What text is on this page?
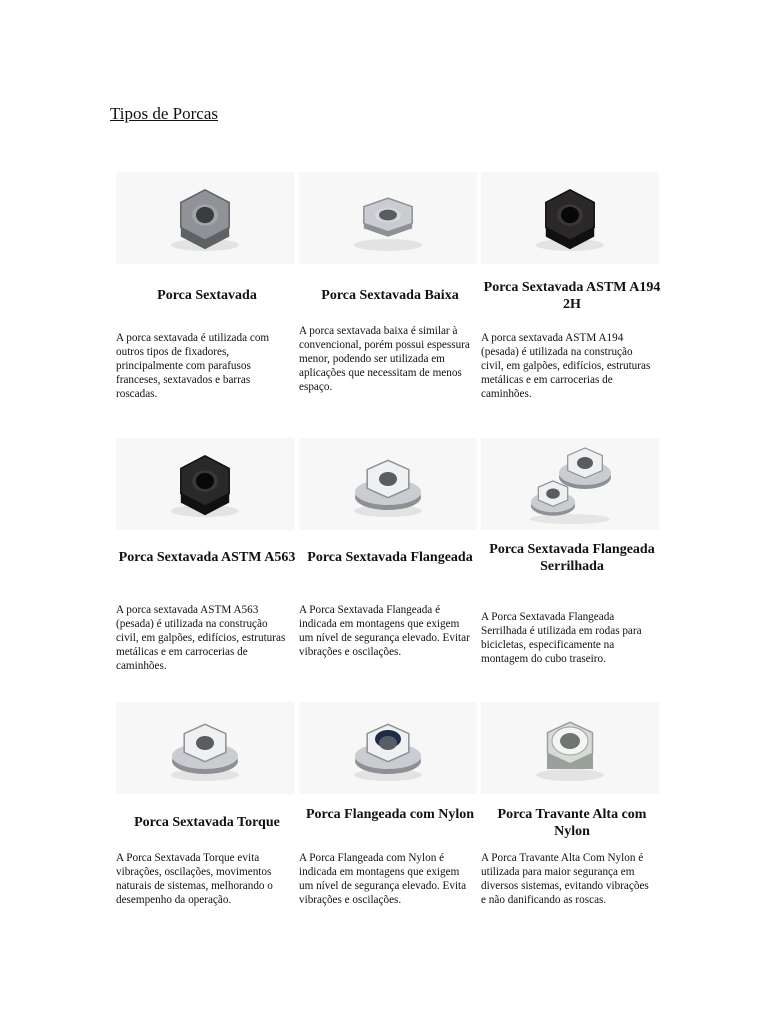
Tipos de Porcas
Porca Sextavada
A porca sextavada é utilizada com outros tipos de fixadores, principalmente com parafusos franceses, sextavados e barras roscadas.
Porca Sextavada Baixa
A porca sextavada baixa é similar à convencional, porém possui espessura menor, podendo ser utilizada em aplicações que necessitam de menos espaço.
Porca Sextavada ASTM A194 2H
A porca sextavada ASTM A194 (pesada) é utilizada na construção civil, em galpões, edifícios, estruturas metálicas e em carrocerias de caminhões.
Porca Sextavada ASTM A563
A porca sextavada ASTM A563 (pesada) é utilizada na construção civil, em galpões, edifícios, estruturas metálicas e em carrocerias de caminhões.
Porca Sextavada Flangeada
A Porca Sextavada Flangeada é indicada em montagens que exigem um nível de segurança elevado. Evitar vibrações e oscilações.
Porca Sextavada Flangeada Serrilhada
A Porca Sextavada Flangeada Serrilhada é utilizada em rodas para bicicletas, especificamente na montagem do cubo traseiro.
Porca Sextavada Torque
A Porca Sextavada Torque evita vibrações, oscilações, movimentos naturais de sistemas, melhorando o desempenho da operação.
Porca Flangeada com Nylon
A Porca Flangeada com Nylon é indicada em montagens que exigem um nível de segurança elevado. Evita vibrações e oscilações.
Porca Travante Alta com Nylon
A Porca Travante Alta Com Nylon é utilizada para maior segurança em diversos sistemas, evitando vibrações e não danificando as roscas.
